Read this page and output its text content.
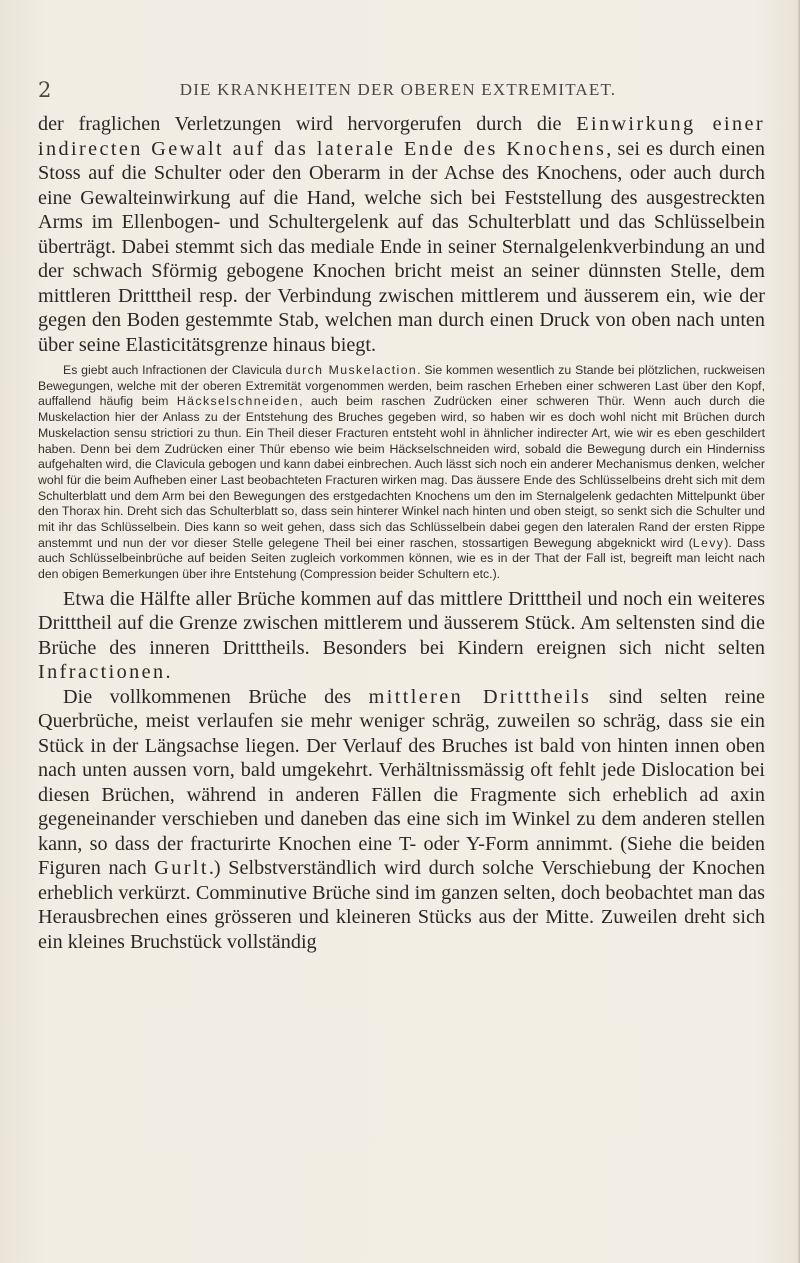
2	DIE KRANKHEITEN DER OBEREN EXTREMITAET.

der fraglichen Verletzungen wird hervorgerufen durch die Einwirkung einer indirecten Gewalt auf das laterale Ende des Knochens, sei es durch einen Stoss auf die Schulter oder den Oberarm in der Achse des Knochens, oder auch durch eine Gewalteinwirkung auf die Hand, welche sich bei Feststellung des ausgestreckten Arms im Ellenbogen- und Schultergelenk auf das Schulterblatt und das Schlüsselbein überträgt. Dabei stemmt sich das mediale Ende in seiner Sternalgelenkverbindung an und der schwach Sförmig gebogene Knochen bricht meist an seiner dünnsten Stelle, dem mittleren Dritttheil resp. der Verbindung zwischen mittlerem und äusserem ein, wie der gegen den Boden gestemmte Stab, welchen man durch einen Druck von oben nach unten über seine Elasticitätsgrenze hinaus biegt.

Es giebt auch Infractionen der Clavicula durch Muskelaction. Sie kommen wesentlich zu Stande bei plötzlichen, ruckweisen Bewegungen, welche mit der oberen Extremität vorgenommen werden, beim raschen Erheben einer schweren Last über den Kopf, auffallend häufig beim Häckselschneiden, auch beim raschen Zudrücken einer schweren Thür. Wenn auch durch die Muskelaction hier der Anlass zu der Entstehung des Bruches gegeben wird, so haben wir es doch wohl nicht mit Brüchen durch Muskelaction sensu strictiori zu thun. Ein Theil dieser Fracturen entsteht wohl in ähnlicher indirecter Art, wie wir es eben geschildert haben. Denn bei dem Zudrücken einer Thür ebenso wie beim Häckselschneiden wird, sobald die Bewegung durch ein Hinderniss aufgehalten wird, die Clavicula gebogen und kann dabei einbrechen. Auch lässt sich noch ein anderer Mechanismus denken, welcher wohl für die beim Aufheben einer Last beobachteten Fracturen wirken mag. Das äussere Ende des Schlüsselbeins dreht sich mit dem Schulterblatt und dem Arm bei den Bewegungen des erstgedachten Knochens um den im Sternalgelenk gedachten Mittelpunkt über den Thorax hin. Dreht sich das Schulterblatt so, dass sein hinterer Winkel nach hinten und oben steigt, so senkt sich die Schulter und mit ihr das Schlüsselbein. Dies kann so weit gehen, dass sich das Schlüsselbein dabei gegen den lateralen Rand der ersten Rippe anstemmt und nun der vor dieser Stelle gelegene Theil bei einer raschen, stossartigen Bewegung abgeknickt wird (Levy). Dass auch Schlüsselbeinbrüche auf beiden Seiten zugleich vorkommen können, wie es in der That der Fall ist, begreift man leicht nach den obigen Bemerkungen über ihre Entstehung (Compression beider Schultern etc.).

Etwa die Hälfte aller Brüche kommen auf das mittlere Dritttheil und noch ein weiteres Dritttheil auf die Grenze zwischen mittlerem und äusserem Stück. Am seltensten sind die Brüche des inneren Dritttheils. Besonders bei Kindern ereignen sich nicht selten Infractionen.

Die vollkommenen Brüche des mittleren Dritttheils sind selten reine Querbrüche, meist verlaufen sie mehr weniger schräg, zuweilen so schräg, dass sie ein Stück in der Längsachse liegen. Der Verlauf des Bruches ist bald von hinten innen oben nach unten aussen vorn, bald umgekehrt. Verhältnissmässig oft fehlt jede Dislocation bei diesen Brüchen, während in anderen Fällen die Fragmente sich erheblich ad axin gegeneinander verschieben und daneben das eine sich im Winkel zu dem anderen stellen kann, so dass der fracturirte Knochen eine T- oder Y-Form annimmt. (Siehe die beiden Figuren nach Gurlt.) Selbstverständlich wird durch solche Verschiebung der Knochen erheblich verkürzt. Comminutive Brüche sind im ganzen selten, doch beobachtet man das Herausbrechen eines grösseren und kleineren Stücks aus der Mitte. Zuweilen dreht sich ein kleines Bruchstück vollständig
